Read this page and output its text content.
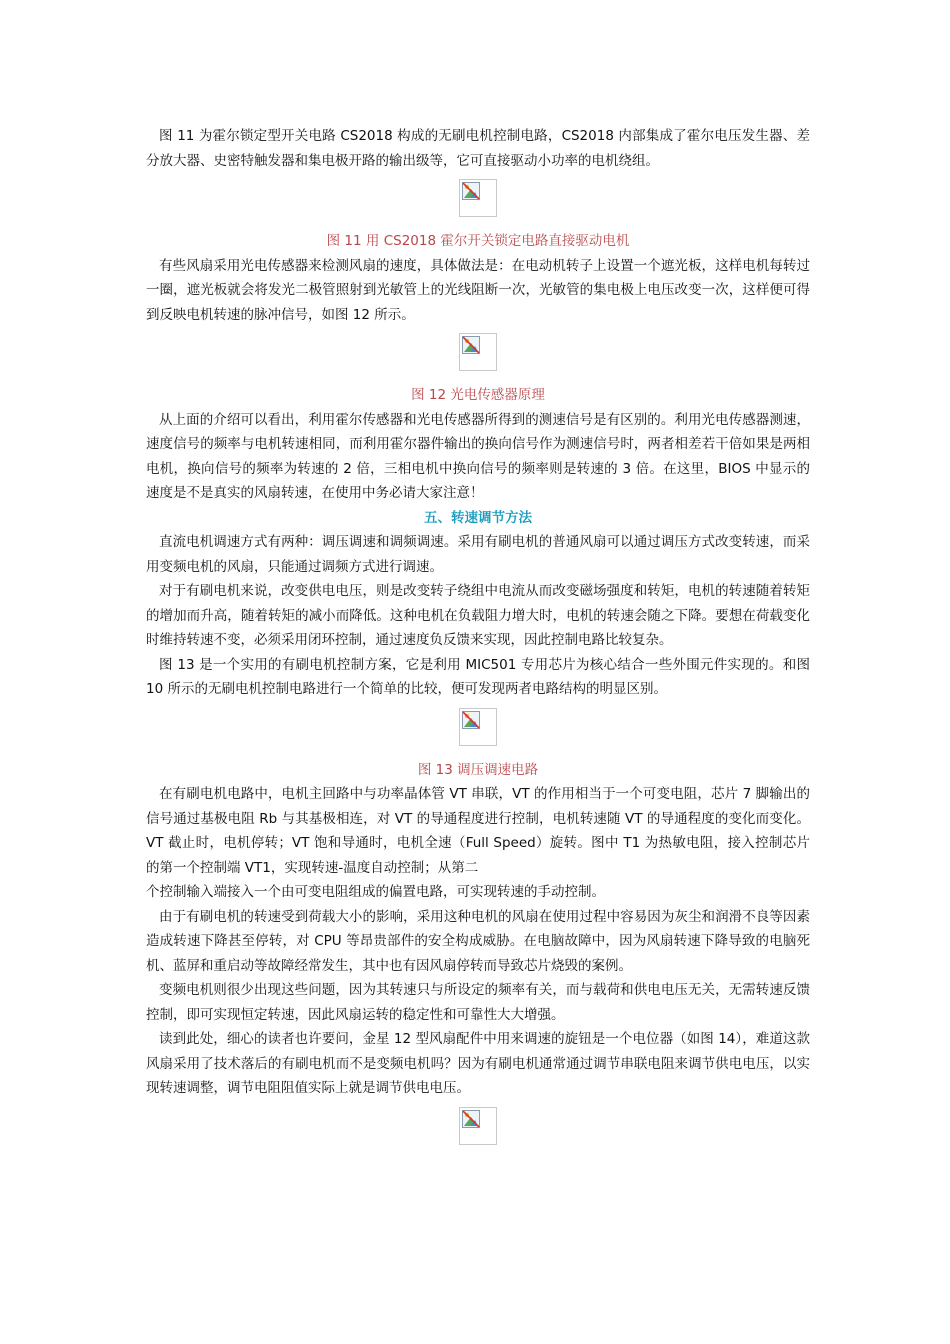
图 11 为霍尔锁定型开关电路 CS2018 构成的无刷电机控制电路，CS2018 内部集成了霍尔电压发生器、差分放大器、史密特触发器和集电极开路的输出级等，它可直接驱动小功率的电机绕组。

图 11 用 CS2018 霍尔开关锁定电路直接驱动电机

有些风扇采用光电传感器来检测风扇的速度，具体做法是：在电动机转子上设置一个遮光板，这样电机每转过一圈，遮光板就会将发光二极管照射到光敏管上的光线阻断一次，光敏管的集电极上电压改变一次，这样便可得到反映电机转速的脉冲信号，如图 12 所示。

图 12 光电传感器原理

从上面的介绍可以看出，利用霍尔传感器和光电传感器所得到的测速信号是有区别的。利用光电传感器测速，速度信号的频率与电机转速相同，而利用霍尔器件输出的换向信号作为测速信号时，两者相差若干倍如果是两相电机，换向信号的频率为转速的 2 倍，三相电机中换向信号的频率则是转速的 3 倍。在这里，BIOS 中显示的速度是不是真实的风扇转速，在使用中务必请大家注意！

五、转速调节方法

直流电机调速方式有两种：调压调速和调频调速。采用有刷电机的普通风扇可以通过调压方式改变转速，而采用变频电机的风扇，只能通过调频方式进行调速。

对于有刷电机来说，改变供电电压，则是改变转子绕组中电流从而改变磁场强度和转矩，电机的转速随着转矩的增加而升高，随着转矩的减小而降低。这种电机在负载阻力增大时，电机的转速会随之下降。要想在荷载变化时维持转速不变，必须采用闭环控制，通过速度负反馈来实现，因此控制电路比较复杂。

图 13 是一个实用的有刷电机控制方案，它是利用 MIC501 专用芯片为核心结合一些外围元件实现的。和图 10 所示的无刷电机控制电路进行一个简单的比较，便可发现两者电路结构的明显区别。

图 13 调压调速电路

在有刷电机电路中，电机主回路中与功率晶体管 VT 串联，VT 的作用相当于一个可变电阻，芯片 7 脚输出的信号通过基极电阻 Rb 与其基极相连，对 VT 的导通程度进行控制，电机转速随 VT 的导通程度的变化而变化。VT 截止时，电机停转；VT 饱和导通时，电机全速（Full Speed）旋转。图中 T1 为热敏电阻，接入控制芯片的第一个控制端 VT1，实现转速-温度自动控制；从第二

个控制输入端接入一个由可变电阻组成的偏置电路，可实现转速的手动控制。

由于有刷电机的转速受到荷载大小的影响，采用这种电机的风扇在使用过程中容易因为灰尘和润滑不良等因素造成转速下降甚至停转，对 CPU 等昂贵部件的安全构成威胁。在电脑故障中，因为风扇转速下降导致的电脑死机、蓝屏和重启动等故障经常发生，其中也有因风扇停转而导致芯片烧毁的案例。

变频电机则很少出现这些问题，因为其转速只与所设定的频率有关，而与载荷和供电电压无关，无需转速反馈控制，即可实现恒定转速，因此风扇运转的稳定性和可靠性大大增强。

读到此处，细心的读者也许要问，金星 12 型风扇配件中用来调速的旋钮是一个电位器（如图 14），难道这款风扇采用了技术落后的有刷电机而不是变频电机吗？因为有刷电机通常通过调节串联电阻来调节供电电压，以实现转速调整，调节电阻阻值实际上就是调节供电电压。
